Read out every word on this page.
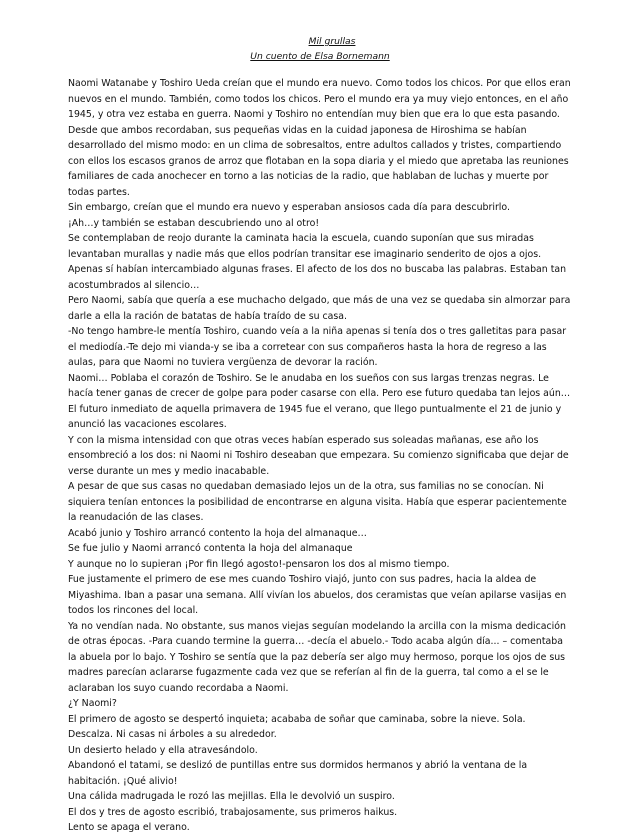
Mil grullas
Un cuento de Elsa Bornemann

Naomi Watanabe y Toshiro Ueda creían que el mundo era nuevo. Como todos los chicos. Por que ellos eran nuevos en el mundo. También, como todos los chicos. Pero el mundo era ya muy viejo entonces, en el año 1945, y otra vez estaba en guerra. Naomi y Toshiro no entendían muy bien que era lo que esta pasando.

Desde que ambos recordaban, sus pequeñas vidas en la cuidad japonesa de Hiroshima se habían desarrollado del mismo modo: en un clima de sobresaltos, entre adultos callados y tristes, compartiendo con ellos los escasos granos de arroz que flotaban en la sopa diaria y el miedo que apretaba las reuniones familiares de cada anochecer en torno a las noticias de la radio, que hablaban de luchas y muerte por todas partes.

Sin embargo, creían que el mundo era nuevo y esperaban ansiosos cada día para descubrirlo.

¡Ah…y también se estaban descubriendo uno al otro!

Se contemplaban de reojo durante la caminata hacia la escuela, cuando suponían que sus miradas levantaban murallas y nadie más que ellos podrían transitar ese imaginario senderito de ojos a ojos. Apenas sí habían intercambiado algunas frases. El afecto de los dos no buscaba las palabras. Estaban tan acostumbrados al silencio…

Pero Naomi, sabía que quería a ese muchacho delgado, que más de una vez se quedaba sin almorzar para darle a ella la ración de batatas de había traído de su casa.

-No tengo hambre-le mentía Toshiro, cuando veía a la niña apenas si tenía dos o tres galletitas para pasar el mediodía.-Te dejo mi vianda-y se iba a corretear con sus compañeros hasta la hora de regreso a las aulas, para que Naomi no tuviera vergüenza de devorar la ración.

Naomi… Poblaba el corazón de Toshiro. Se le anudaba en los sueños con sus largas trenzas negras. Le hacía tener ganas de crecer de golpe para poder casarse con ella. Pero ese futuro quedaba tan lejos aún…

El futuro inmediato de aquella primavera de 1945 fue el verano, que llego puntualmente el 21 de junio y anunció las vacaciones escolares.

Y con la misma intensidad con que otras veces habían esperado sus soleadas mañanas, ese año los ensombreció a los dos: ni Naomi ni Toshiro deseaban que empezara. Su comienzo significaba que dejar de verse durante un mes y medio inacabable.

A pesar de que sus casas no quedaban demasiado lejos un de la otra, sus familias no se conocían. Ni siquiera tenían entonces la posibilidad de encontrarse en alguna visita. Había que esperar pacientemente la reanudación de las clases.

Acabó junio y Toshiro arrancó contento la hoja del almanaque…

Se fue julio y Naomi arrancó contenta la hoja del almanaque

Y aunque no lo supieran ¡Por fin llegó agosto!-pensaron los dos al mismo tiempo.

Fue justamente el primero de ese mes cuando Toshiro viajó, junto con sus padres, hacia la aldea de Miyashima. Iban a pasar una semana. Allí vivían los abuelos, dos ceramistas que veían apilarse vasijas en todos los rincones del local.

Ya no vendían nada. No obstante, sus manos viejas seguían modelando la arcilla con la misma dedicación de otras épocas. -Para cuando termine la guerra… -decía el abuelo.- Todo acaba algún día... – comentaba la abuela por lo bajo. Y Toshiro se sentía que la paz debería ser algo muy hermoso, porque los ojos de sus madres parecían aclararse fugazmente cada vez que se referían al fin de la guerra, tal como a el se le aclaraban los suyo cuando recordaba a Naomi.

¿Y Naomi?

El primero de agosto se despertó inquieta; acababa de soñar que caminaba, sobre la nieve. Sola. Descalza. Ni casas ni árboles a su alrededor.

Un desierto helado y ella atravesándolo.

Abandonó el tatami, se deslizó de puntillas entre sus dormidos hermanos y abrió la ventana de la habitación. ¡Qué alivio!

Una cálida madrugada le rozó las mejillas. Ella le devolvió un suspiro.

El dos y tres de agosto escribió, trabajosamente, sus primeros haikus.

Lento se apaga el verano.
